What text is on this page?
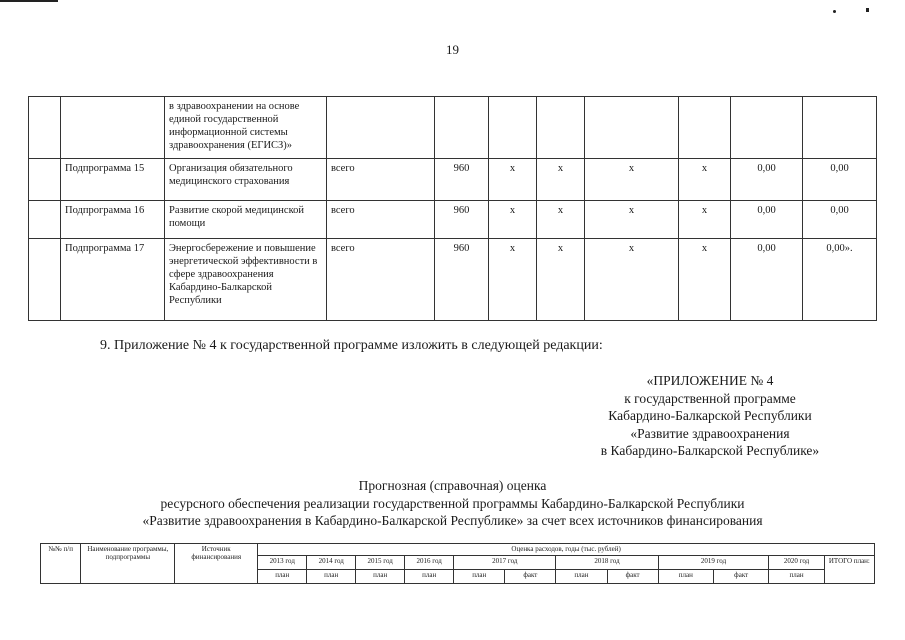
19
		в здравоохранении на основе единой государственной информационной системы здравоохранения (ЕГИСЗ)»								
	Подпрограмма 15	Организация обязательного медицинского страхования	всего	960	х	х	х	х	0,00	0,00
	Подпрограмма 16	Развитие скорой медицинской помощи	всего	960	х	х	х	х	0,00	0,00
	Подпрограмма 17	Энергосбережение и повышение энергетической эффективности в сфере здравоохранения Кабардино-Балкарской Республики	всего	960	х	х	х	х	0,00	0,00».
9. Приложение № 4 к государственной программе изложить в следующей редакции:
«ПРИЛОЖЕНИЕ № 4
к государственной программе
Кабардино-Балкарской Республики
«Развитие здравоохранения
в Кабардино-Балкарской Республике»
Прогнозная (справочная) оценка
ресурсного обеспечения реализации государственной программы Кабардино-Балкарской Республики
«Развитие здравоохранения в Кабардино-Балкарской Республике» за счет всех источников финансирования
№№ п/п	Наименование программы, подпрограммы	Источник финансирования	Оценка расходов, годы (тыс. рублей)											
			2013 год	2014 год	2015 год	2016 год	2017 год		2018 год		2019 год		2020 год	ИТОГО план:
			план	план	план	план	план	факт	план	факт	план	факт	план	
